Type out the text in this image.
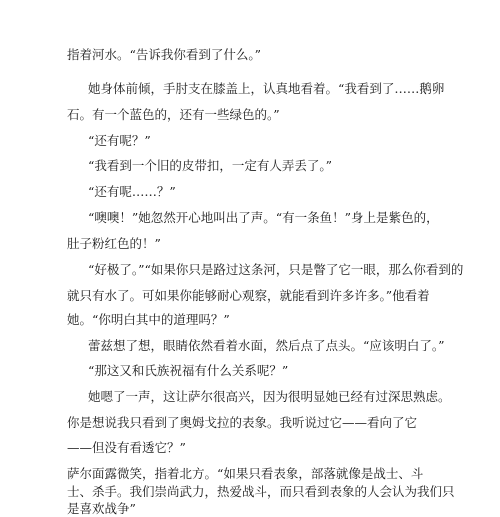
指着河水。“告诉我你看到了什么。”
她身体前倾，手肘支在膝盖上，认真地看着。“我看到了……鹅卵
石。有一个蓝色的，还有一些绿色的。”
“还有呢？”
“我看到一个旧的皮带扣，一定有人弄丢了。”
“还有呢……？”
“噢噢！”她忽然开心地叫出了声。“有一条鱼！”身上是紫色的，
肚子粉红色的！”
“好极了。”“如果你只是路过这条河，只是瞥了它一眼，那么你看到的
就只有水了。可如果你能够耐心观察，就能看到许多许多。”他看着
她。“你明白其中的道理吗？”
蕾兹想了想，眼睛依然看着水面，然后点了点头。“应该明白了。”
“那这又和氏族祝福有什么关系呢？”
她嗯了一声，这让萨尔很高兴，因为很明显她已经有过深思熟虑。
你是想说我只看到了奥姆戈拉的表象。我听说过它——看向了它
——但没有看透它？”
萨尔面露微笑，指着北方。“如果只看表象，部落就像是战士、斗
士、杀手。我们崇尚武力，热爱战斗，而只看到表象的人会认为我们只
是喜欢战争”
